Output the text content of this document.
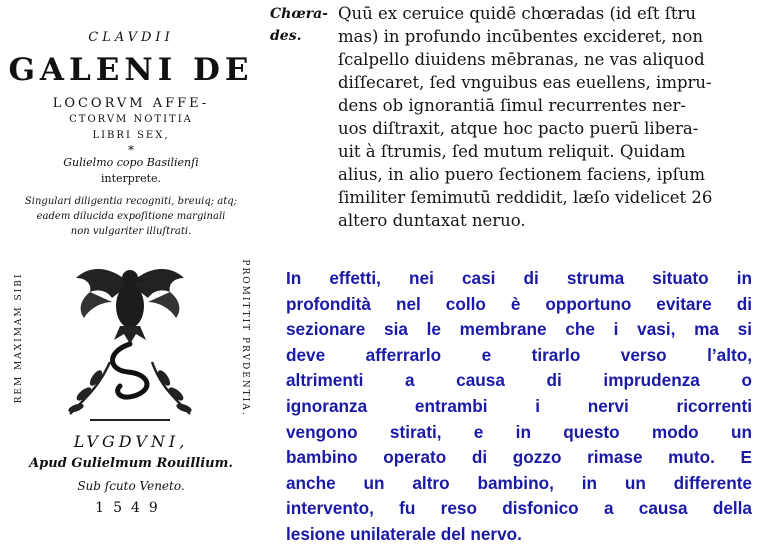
CLAVDII
GALENI DE
LOCORVM AFFE-
CTORVM NOTITIA
LIBRI SEX,
*
Gulielmo copo Basilienſi
interprete.
Singulari diligentia recogniti, breuiq; atq;
eadem dilucida expoſitione marginali
non vulgariter illuſtrati.
REM MAXIMAM SIBI	PROMITTIT PRVDENTIA.
LVGDVNI,
Apud Gulielmum Rouillium.
Sub ſcuto Veneto.
1549
Chœra-
des.
Quū ex ceruice quidē chœradas (id eſt ſtru
mas) in profundo incūbentes excideret, non
ſcalpello diuidens mēbranas, ne vas aliquod
diſſecaret, ſed vnguibus eas euellens, impru-
dens ob ignorantiā ſimul recurrentes ner-
uos diſtraxit, atque hoc pacto puerū libera-
uit à ſtrumis, ſed mutum reliquit. Quidam
alius, in alio puero ſectionem faciens, ipſum
ſimiliter ſemimutū reddidit, læſo videlicet 26
altero duntaxat neruo.
In effetti, nei casi di struma situato in
profondità nel collo è opportuno evitare di
sezionare sia le membrane che i vasi, ma si
deve afferrarlo e tirarlo verso l’alto,
altrimenti a causa di imprudenza o
ignoranza entrambi i nervi ricorrenti
vengono stirati, e in questo modo un
bambino operato di gozzo rimase muto. E
anche un altro bambino, in un differente
intervento, fu reso disfonico a causa della
lesione unilaterale del nervo.
